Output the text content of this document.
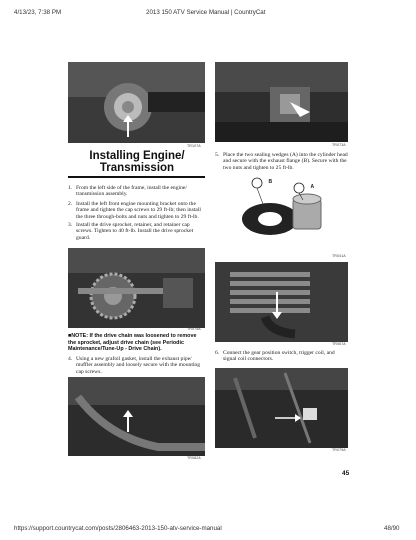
4/13/23, 7:38 PM	2013 150 ATV Service Manual | CountryCat
TR107A	TR073A
Installing Engine/
Transmission
1. From the left side of the frame, install the engine/ transmission assembly.
2. Install the left front engine mounting bracket onto the frame and tighten the cap screws to 29 ft-lb; then install the three through-bolts and nuts and tighten to 29 ft-lb.
3. Install the drive sprocket, retainer, and retainer cap screws. Tighten to 40 ft-lb. Install the drive sprocket guard.
TR075A
■NOTE: If the drive chain was loosened to remove the sprocket, adjust drive chain (see Periodic Maintenance/Tune-Up - Drive Chain).
4. Using a new grafoil gasket, install the exhaust pipe/ muffler assembly and loosely secure with the mounting cap screws.
TR082A
5. Place the two sealing wedges (A) into the cylinder head and secure with the exhaust flange (B). Secure with the two nuts and tighten to 25 ft-lb.
B
A
TR041A
TR067A
6. Connect the gear position switch, trigger coil, and signal coil connectors.
TR079A
45
https://support.countrycat.com/posts/2806463-2013-150-atv-service-manual	48/90
